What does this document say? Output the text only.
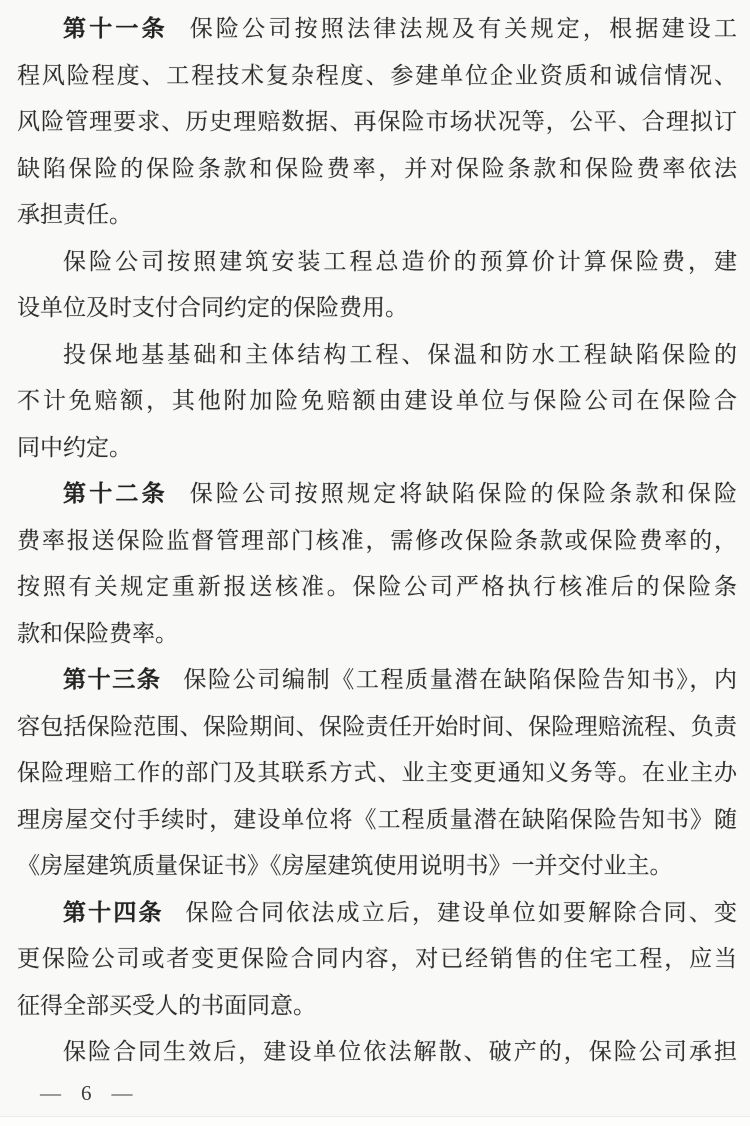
第十一条 保险公司按照法律法规及有关规定，根据建设工
程风险程度、工程技术复杂程度、参建单位企业资质和诚信情况、
风险管理要求、历史理赔数据、再保险市场状况等，公平、合理拟订
缺陷保险的保险条款和保险费率，并对保险条款和保险费率依法
承担责任。
保险公司按照建筑安装工程总造价的预算价计算保险费，建
设单位及时支付合同约定的保险费用。
投保地基基础和主体结构工程、保温和防水工程缺陷保险的
不计免赔额，其他附加险免赔额由建设单位与保险公司在保险合
同中约定。
第十二条 保险公司按照规定将缺陷保险的保险条款和保险
费率报送保险监督管理部门核准，需修改保险条款或保险费率的，
按照有关规定重新报送核准。保险公司严格执行核准后的保险条
款和保险费率。
第十三条 保险公司编制《工程质量潜在缺陷保险告知书》，内
容包括保险范围、保险期间、保险责任开始时间、保险理赔流程、负责
保险理赔工作的部门及其联系方式、业主变更通知义务等。在业主办
理房屋交付手续时，建设单位将《工程质量潜在缺陷保险告知书》随
《房屋建筑质量保证书》《房屋建筑使用说明书》一并交付业主。
第十四条 保险合同依法成立后，建设单位如要解除合同、变
更保险公司或者变更保险合同内容，对已经销售的住宅工程，应当
征得全部买受人的书面同意。
保险合同生效后，建设单位依法解散、破产的，保险公司承担
— 6 —
